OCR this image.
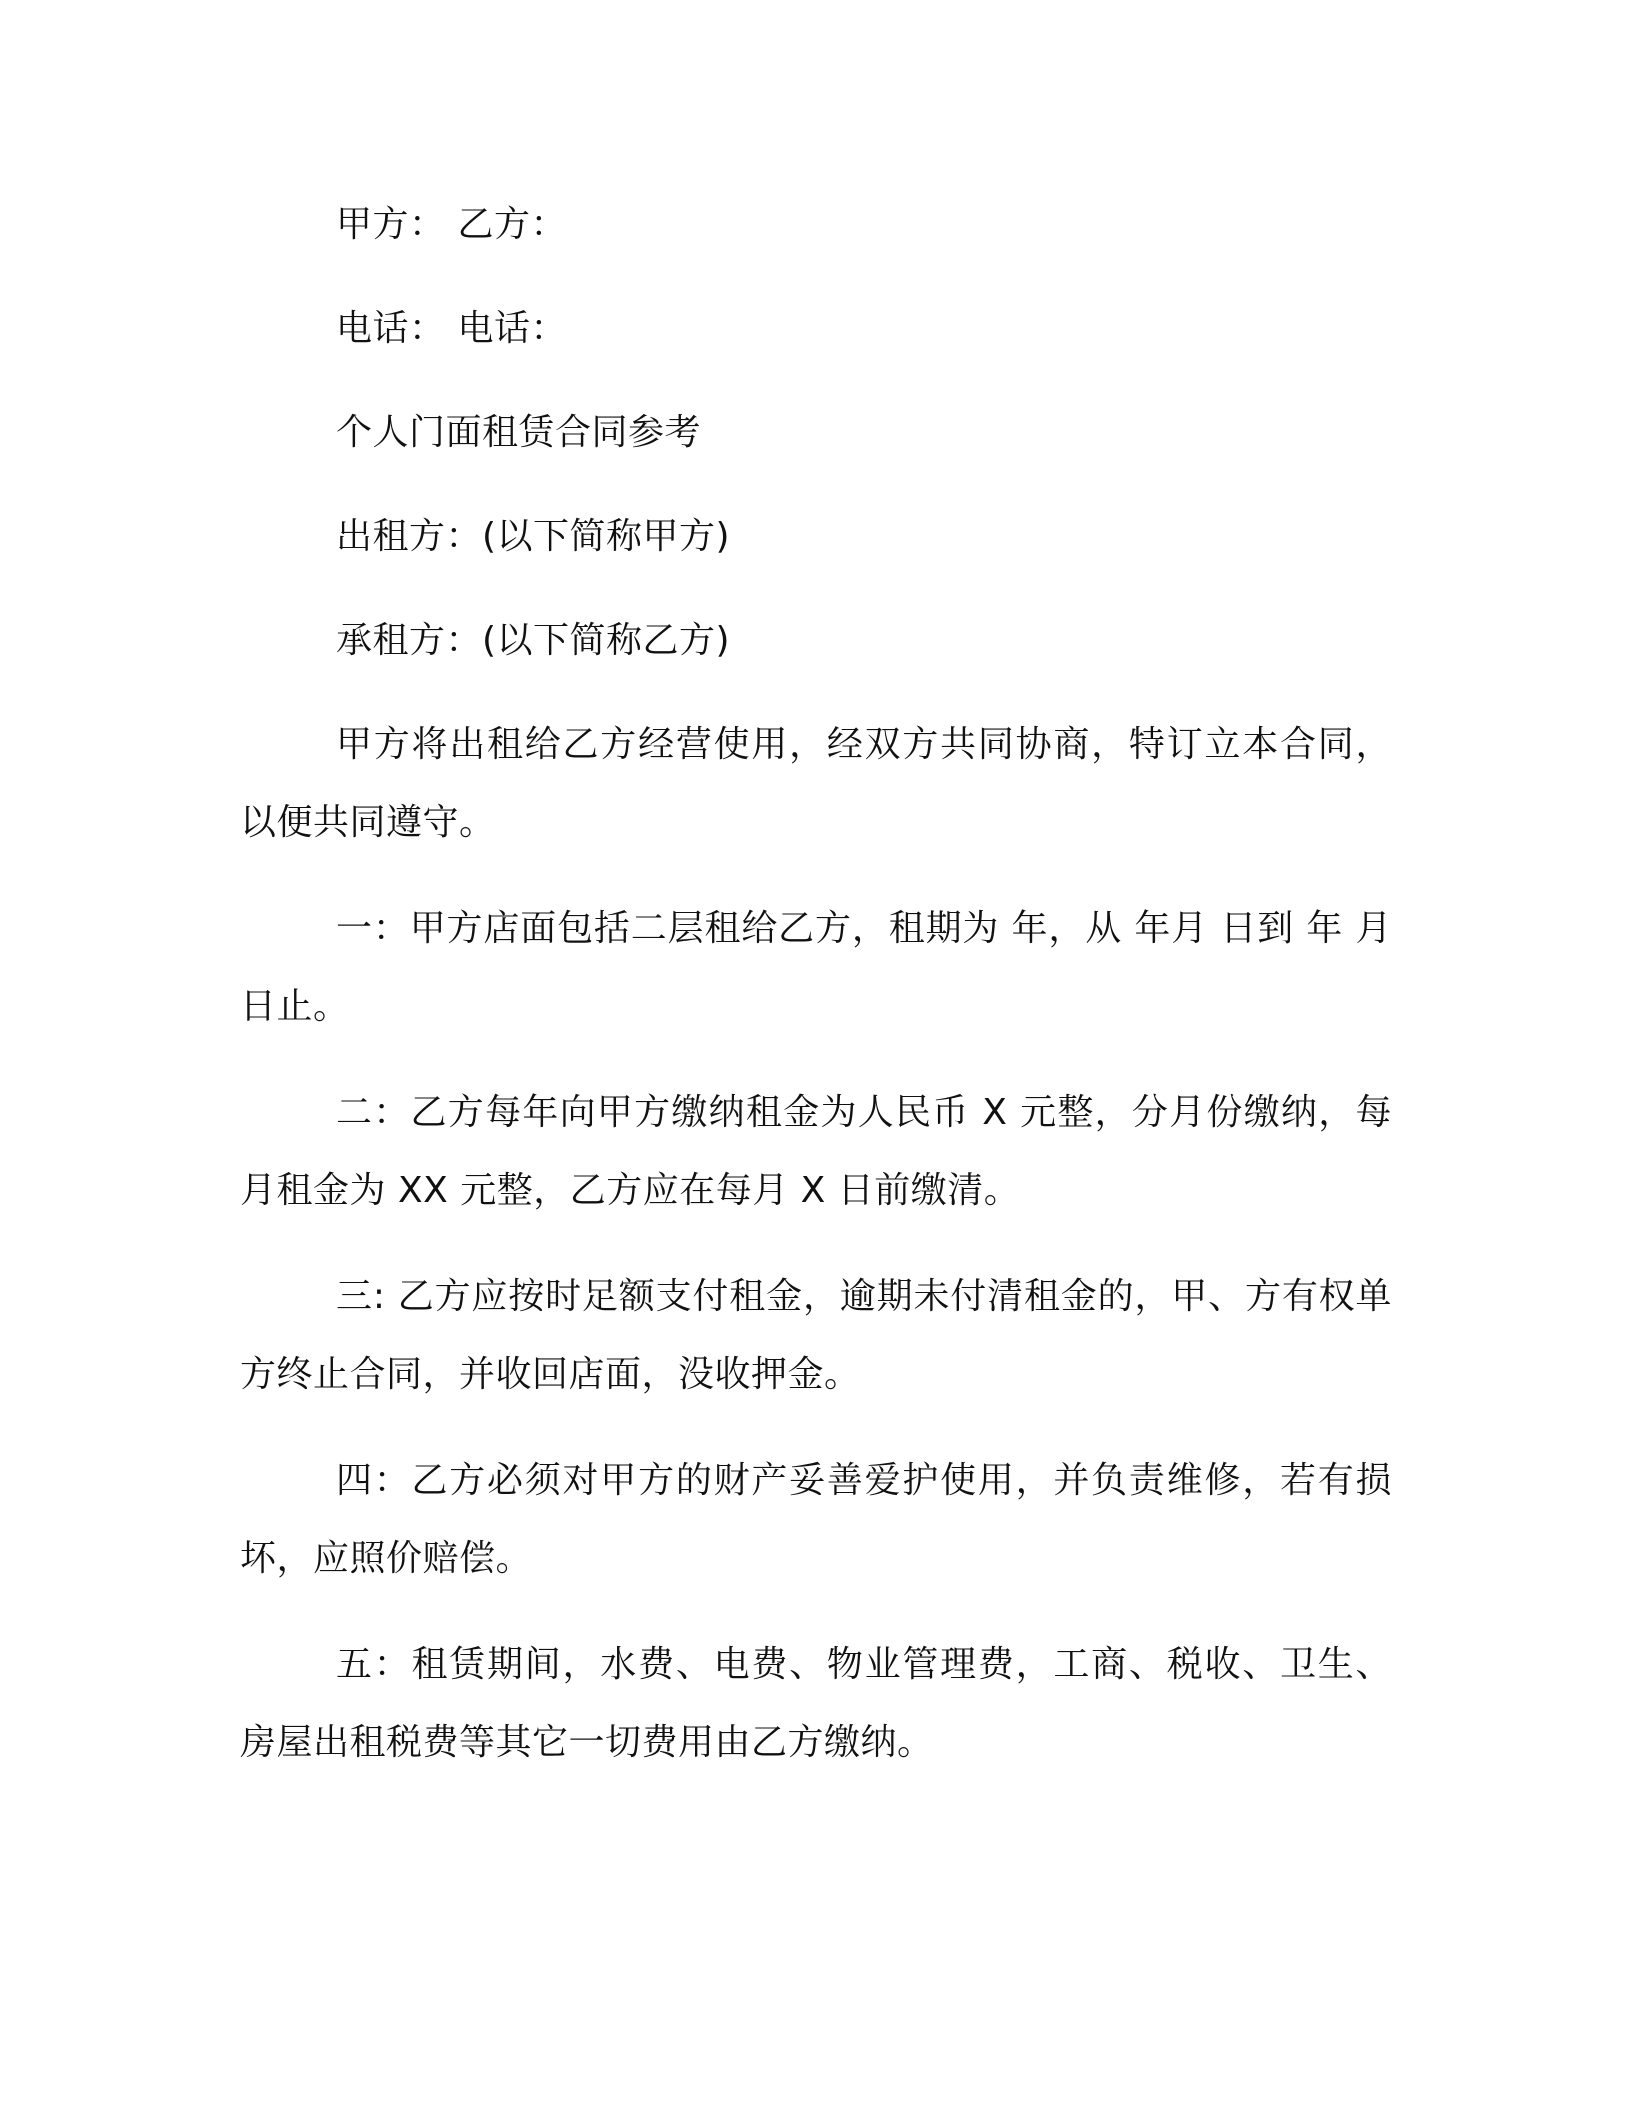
甲方： 乙方：

电话： 电话：

个人门面租赁合同参考

出租方：(以下简称甲方)

承租方：(以下简称乙方)

甲方将出租给乙方经营使用，经双方共同协商，特订立本合同，以便共同遵守。

一：甲方店面包括二层租给乙方，租期为 年，从 年月 日到 年 月 日止。

二：乙方每年向甲方缴纳租金为人民币 X 元整，分月份缴纳，每月租金为 XX 元整，乙方应在每月 X 日前缴清。

三: 乙方应按时足额支付租金，逾期未付清租金的，甲、方有权单方终止合同，并收回店面，没收押金。

四：乙方必须对甲方的财产妥善爱护使用，并负责维修，若有损坏，应照价赔偿。

五：租赁期间，水费、电费、物业管理费，工商、税收、卫生、房屋出租税费等其它一切费用由乙方缴纳。
